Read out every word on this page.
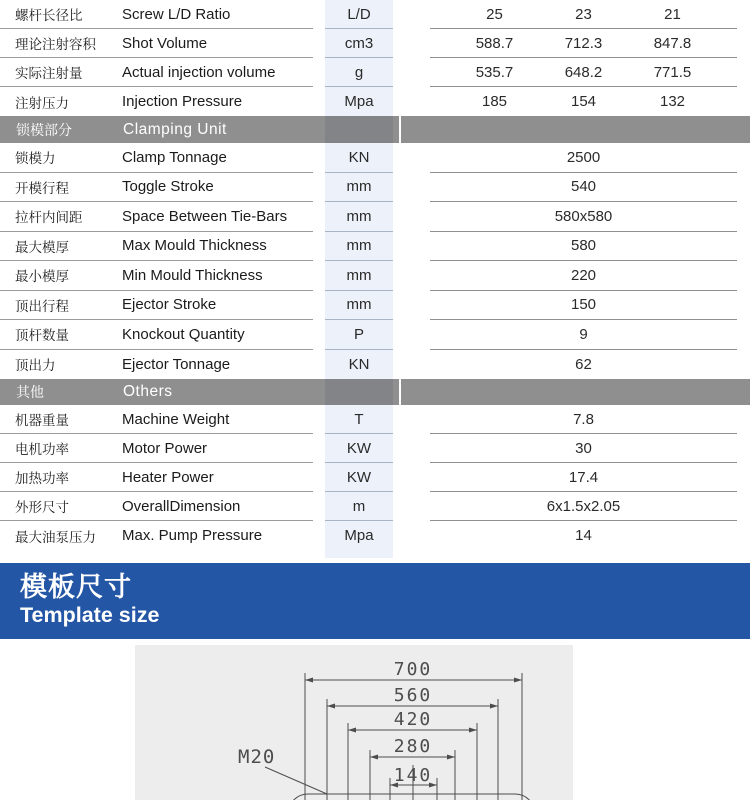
螺杆长径比	Screw L/D Ratio	L/D	25	23	21
理论注射容积	Shot Volume	cm3	588.7	712.3	847.8
实际注射量	Actual injection volume	g	535.7	648.2	771.5
注射压力	Injection Pressure	Mpa	185	154	132
锁模部分	Clamping Unit
锁模力	Clamp Tonnage	KN	2500
开模行程	Toggle Stroke	mm	540
拉杆内间距	Space Between Tie-Bars	mm	580x580
最大模厚	Max Mould Thickness	mm	580
最小模厚	Min Mould Thickness	mm	220
顶出行程	Ejector Stroke	mm	150
顶杆数量	Knockout Quantity	P	9
顶出力	Ejector Tonnage	KN	62
其他	Others
机器重量	Machine Weight	T	7.8
电机功率	Motor Power	KW	30
加热功率	Heater Power	KW	17.4
外形尺寸	OverallDimension	m	6x1.5x2.05
最大油泵压力	Max. Pump Pressure	Mpa	14
模板尺寸
Template size
700
560
420
280
140
M20
